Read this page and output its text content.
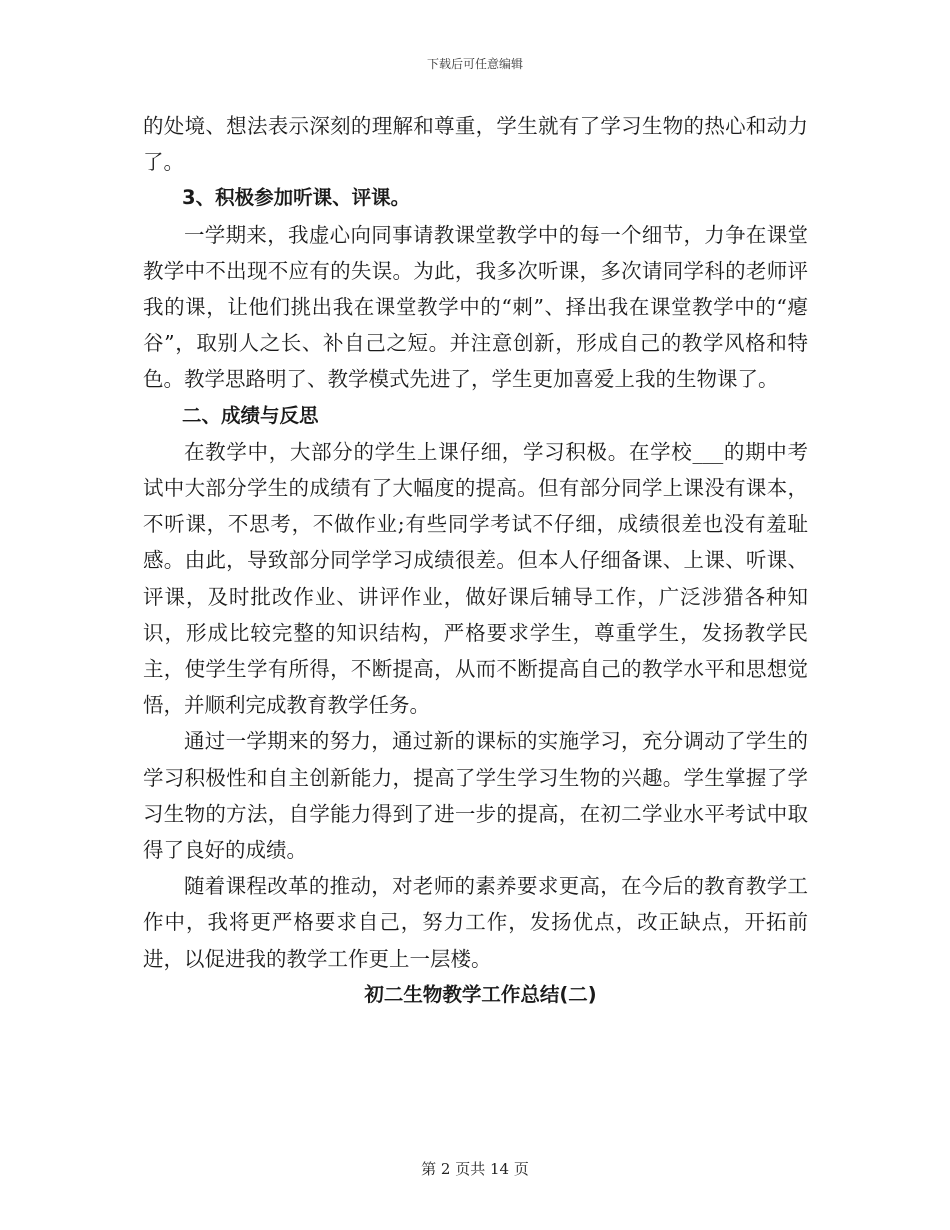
下载后可任意编辑

的处境、想法表示深刻的理解和尊重，学生就有了学习生物的热心和动力了。

3、积极参加听课、评课。

一学期来，我虚心向同事请教课堂教学中的每一个细节，力争在课堂教学中不出现不应有的失误。为此，我多次听课，多次请同学科的老师评我的课，让他们挑出我在课堂教学中的“刺”、择出我在课堂教学中的“瘪谷”，取别人之长、补自己之短。并注意创新，形成自己的教学风格和特色。教学思路明了、教学模式先进了，学生更加喜爱上我的生物课了。

二、成绩与反思

在教学中，大部分的学生上课仔细，学习积极。在学校___的期中考试中大部分学生的成绩有了大幅度的提高。但有部分同学上课没有课本，不听课，不思考，不做作业;有些同学考试不仔细，成绩很差也没有羞耻感。由此，导致部分同学学习成绩很差。但本人仔细备课、上课、听课、评课，及时批改作业、讲评作业，做好课后辅导工作，广泛涉猎各种知识，形成比较完整的知识结构，严格要求学生，尊重学生，发扬教学民主，使学生学有所得，不断提高，从而不断提高自己的教学水平和思想觉悟，并顺利完成教育教学任务。

通过一学期来的努力，通过新的课标的实施学习，充分调动了学生的学习积极性和自主创新能力，提高了学生学习生物的兴趣。学生掌握了学习生物的方法，自学能力得到了进一步的提高，在初二学业水平考试中取得了良好的成绩。

随着课程改革的推动，对老师的素养要求更高，在今后的教育教学工作中，我将更严格要求自己，努力工作，发扬优点，改正缺点，开拓前进，以促进我的教学工作更上一层楼。

初二生物教学工作总结(二)

第 2 页共 14 页
